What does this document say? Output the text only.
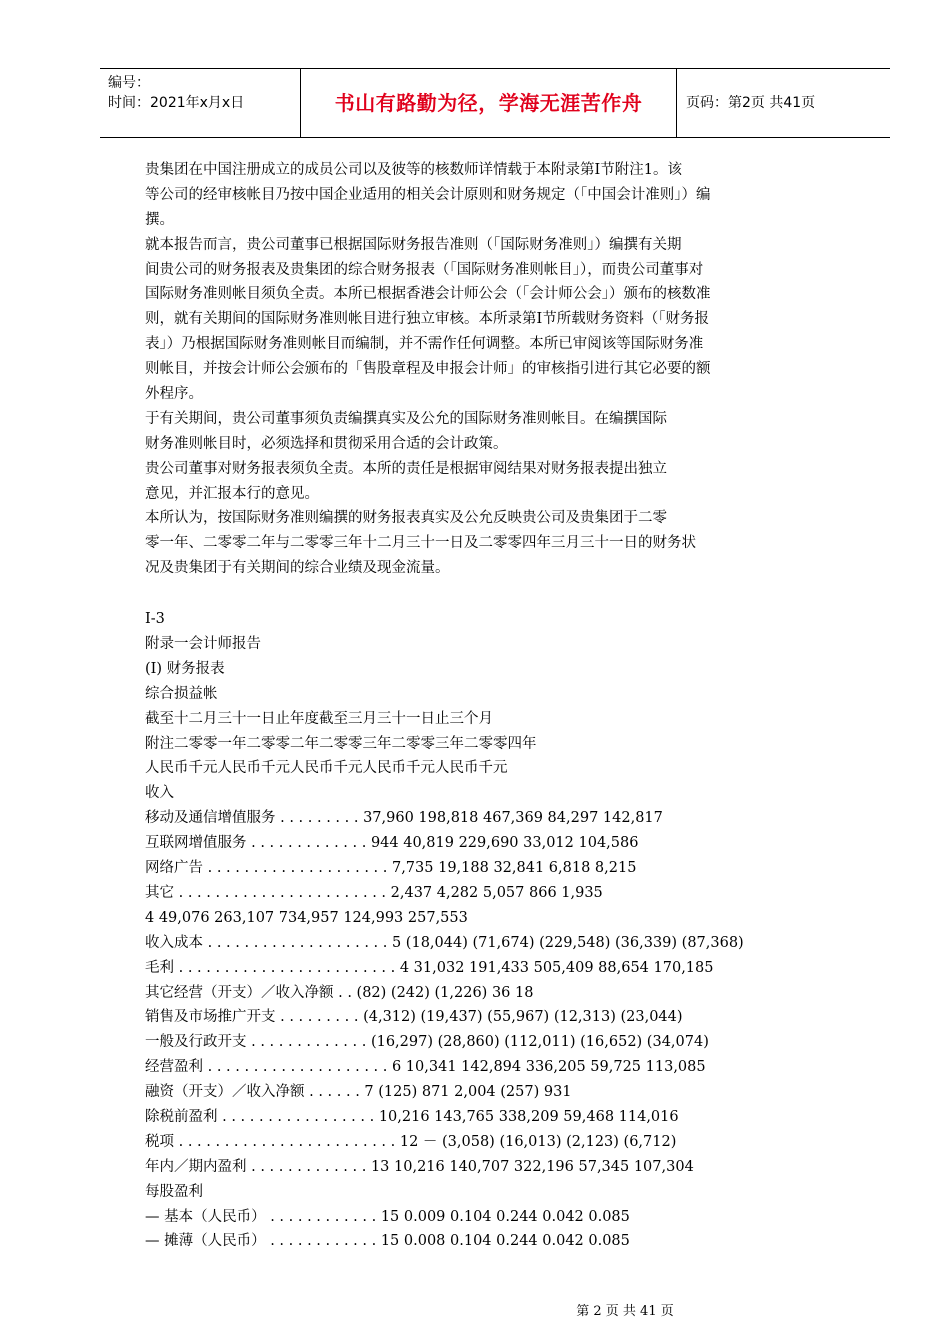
编号：
时间：2021年x月x日	书山有路勤为径，学海无涯苦作舟	页码：第2页 共41页
贵集团在中国注册成立的成员公司以及彼等的核数师详情载于本附录第I节附注1。该
等公司的经审核帐目乃按中国企业适用的相关会计原则和财务规定（「中国会计准则」）编
撰。
就本报告而言，贵公司董事已根据国际财务报告准则（「国际财务准则」）编撰有关期
间贵公司的财务报表及贵集团的综合财务报表（「国际财务准则帐目」），而贵公司董事对
国际财务准则帐目须负全责。本所已根据香港会计师公会（「会计师公会」）颁布的核数准
则，就有关期间的国际财务准则帐目进行独立审核。本所录第I节所载财务资料（「财务报
表」）乃根据国际财务准则帐目而编制，并不需作任何调整。本所已审阅该等国际财务准
则帐目，并按会计师公会颁布的「售股章程及申报会计师」的审核指引进行其它必要的额
外程序。
于有关期间，贵公司董事须负责编撰真实及公允的国际财务准则帐目。在编撰国际
财务准则帐目时，必须选择和贯彻采用合适的会计政策。
贵公司董事对财务报表须负全责。本所的责任是根据审阅结果对财务报表提出独立
意见，并汇报本行的意见。
本所认为，按国际财务准则编撰的财务报表真实及公允反映贵公司及贵集团于二零
零一年、二零零二年与二零零三年十二月三十一日及二零零四年三月三十一日的财务状
况及贵集团于有关期间的综合业绩及现金流量。
I-3
附录一会计师报告
(I) 财务报表
综合损益帐
截至十二月三十一日止年度截至三月三十一日止三个月
附注二零零一年二零零二年二零零三年二零零三年二零零四年
人民币千元人民币千元人民币千元人民币千元人民币千元
收入
移动及通信增值服务 . . . . . . . . . 37,960 198,818 467,369 84,297 142,817
互联网增值服务 . . . . . . . . . . . . . 944 40,819 229,690 33,012 104,586
网络广告 . . . . . . . . . . . . . . . . . . . . 7,735 19,188 32,841 6,818 8,215
其它 . . . . . . . . . . . . . . . . . . . . . . . 2,437 4,282 5,057 866 1,935
4 49,076 263,107 734,957 124,993 257,553
收入成本 . . . . . . . . . . . . . . . . . . . . 5 (18,044) (71,674) (229,548) (36,339) (87,368)
毛利 . . . . . . . . . . . . . . . . . . . . . . . . 4 31,032 191,433 505,409 88,654 170,185
其它经营（开支）／收入净额 . . (82) (242) (1,226) 36 18
销售及市场推广开支 . . . . . . . . . (4,312) (19,437) (55,967) (12,313) (23,044)
一般及行政开支 . . . . . . . . . . . . . (16,297) (28,860) (112,011) (16,652) (34,074)
经营盈利 . . . . . . . . . . . . . . . . . . . . 6 10,341 142,894 336,205 59,725 113,085
融资（开支）／收入净额 . . . . . . 7 (125) 871 2,004 (257) 931
除税前盈利 . . . . . . . . . . . . . . . . . 10,216 143,765 338,209 59,468 114,016
税项 . . . . . . . . . . . . . . . . . . . . . . . . 12 － (3,058) (16,013) (2,123) (6,712)
年内／期内盈利 . . . . . . . . . . . . . 13 10,216 140,707 322,196 57,345 107,304
每股盈利
— 基本（人民币） . . . . . . . . . . . . 15 0.009 0.104 0.244 0.042 0.085
— 摊薄（人民币） . . . . . . . . . . . . 15 0.008 0.104 0.244 0.042 0.085
第 2 页 共 41 页
